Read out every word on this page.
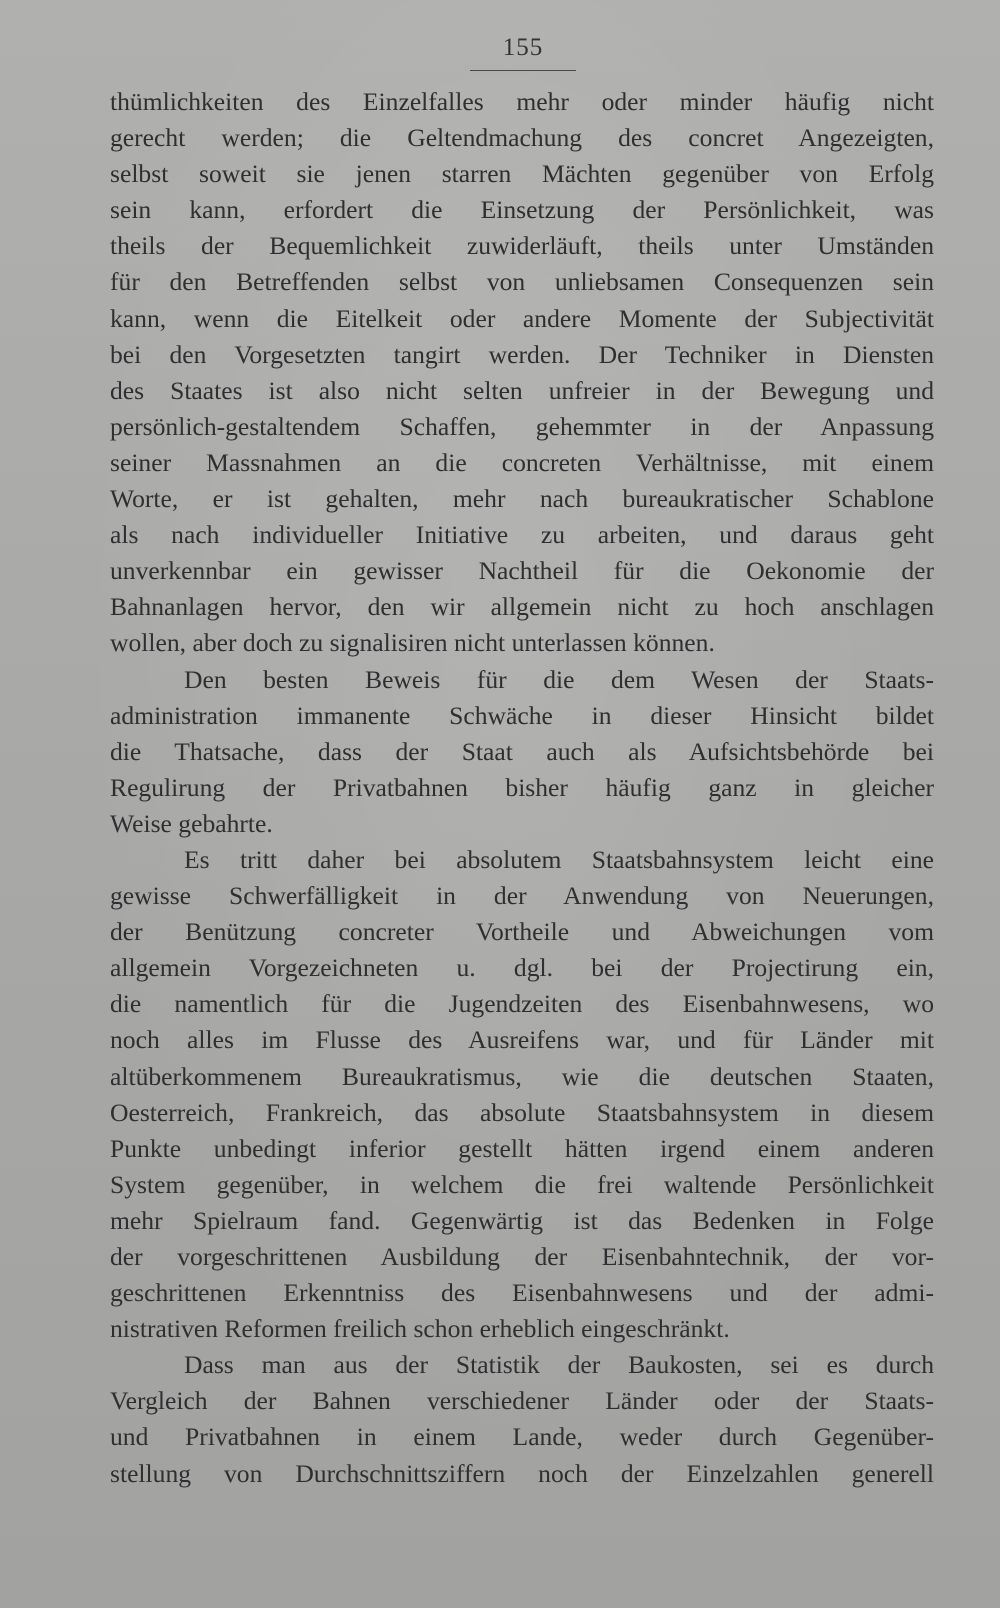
155
thümlichkeiten des Einzelfalles mehr oder minder häufig nicht
gerecht werden; die Geltendmachung des concret Angezeigten,
selbst soweit sie jenen starren Mächten gegenüber von Erfolg
sein kann, erfordert die Einsetzung der Persönlichkeit, was
theils der Bequemlichkeit zuwiderläuft, theils unter Umständen
für den Betreffenden selbst von unliebsamen Consequenzen sein
kann, wenn die Eitelkeit oder andere Momente der Subjectivität
bei den Vorgesetzten tangirt werden. Der Techniker in Diensten
des Staates ist also nicht selten unfreier in der Bewegung und
persönlich-gestaltendem Schaffen, gehemmter in der Anpassung
seiner Massnahmen an die concreten Verhältnisse, mit einem
Worte, er ist gehalten, mehr nach bureaukratischer Schablone
als nach individueller Initiative zu arbeiten, und daraus geht
unverkennbar ein gewisser Nachtheil für die Oekonomie der
Bahnanlagen hervor, den wir allgemein nicht zu hoch anschlagen
wollen, aber doch zu signalisiren nicht unterlassen können.
Den besten Beweis für die dem Wesen der Staats-
administration immanente Schwäche in dieser Hinsicht bildet
die Thatsache, dass der Staat auch als Aufsichtsbehörde bei
Regulirung der Privatbahnen bisher häufig ganz in gleicher
Weise gebahrte.
Es tritt daher bei absolutem Staatsbahnsystem leicht eine
gewisse Schwerfälligkeit in der Anwendung von Neuerungen,
der Benützung concreter Vortheile und Abweichungen vom
allgemein Vorgezeichneten u. dgl. bei der Projectirung ein,
die namentlich für die Jugendzeiten des Eisenbahnwesens, wo
noch alles im Flusse des Ausreifens war, und für Länder mit
altüberkommenem Bureaukratismus, wie die deutschen Staaten,
Oesterreich, Frankreich, das absolute Staatsbahnsystem in diesem
Punkte unbedingt inferior gestellt hätten irgend einem anderen
System gegenüber, in welchem die frei waltende Persönlichkeit
mehr Spielraum fand. Gegenwärtig ist das Bedenken in Folge
der vorgeschrittenen Ausbildung der Eisenbahntechnik, der vor-
geschrittenen Erkenntniss des Eisenbahnwesens und der admi-
nistrativen Reformen freilich schon erheblich eingeschränkt.
Dass man aus der Statistik der Baukosten, sei es durch
Vergleich der Bahnen verschiedener Länder oder der Staats-
und Privatbahnen in einem Lande, weder durch Gegenüber-
stellung von Durchschnittsziffern noch der Einzelzahlen generell
